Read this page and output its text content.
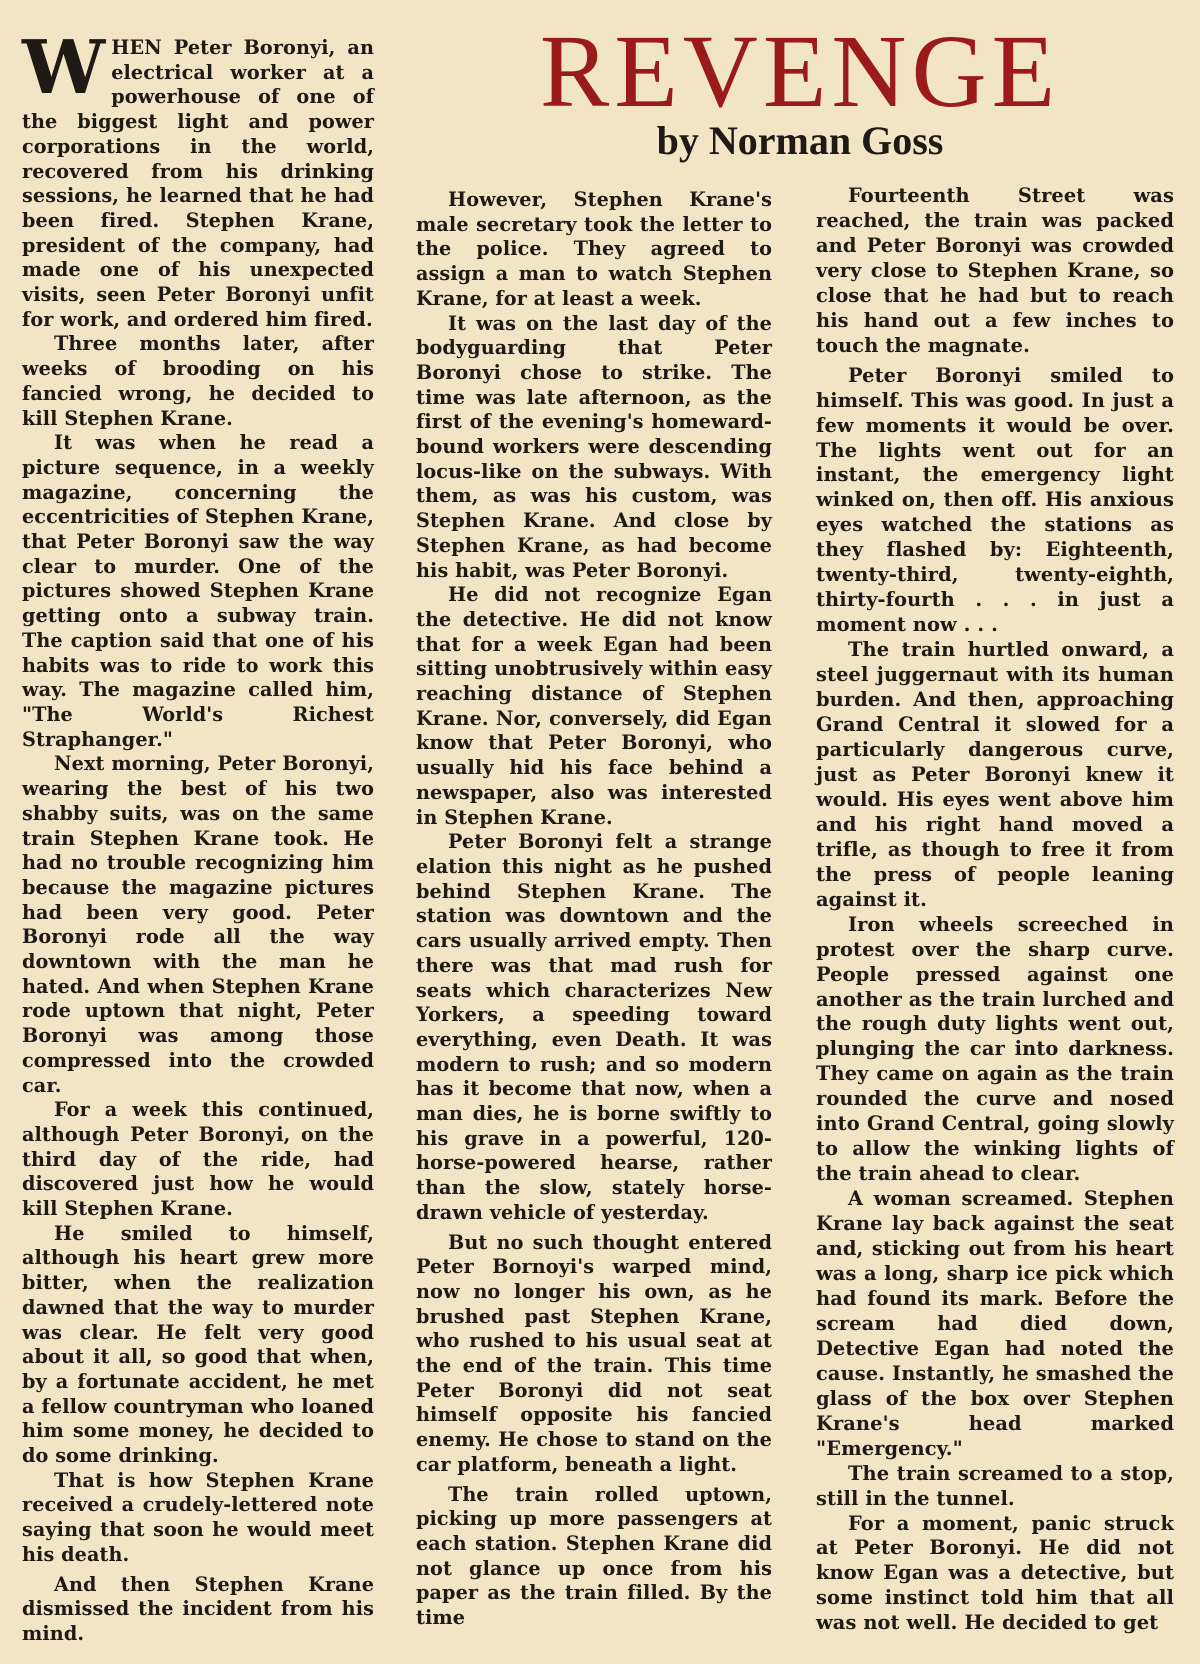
REVENGE
by Norman Goss

WHEN Peter Boronyi, an electrical worker at a powerhouse of one of the biggest light and power corporations in the world, recovered from his drinking sessions, he learned that he had been fired. Stephen Krane, president of the company, had made one of his unexpected visits, seen Peter Boronyi unfit for work, and ordered him fired.

Three months later, after weeks of brooding on his fancied wrong, he decided to kill Stephen Krane.

It was when he read a picture sequence, in a weekly magazine, concerning the eccentricities of Stephen Krane, that Peter Boronyi saw the way clear to murder. One of the pictures showed Stephen Krane getting onto a subway train. The caption said that one of his habits was to ride to work this way. The magazine called him, "The World's Richest Straphanger."

Next morning, Peter Boronyi, wearing the best of his two shabby suits, was on the same train Stephen Krane took. He had no trouble recognizing him because the magazine pictures had been very good. Peter Boronyi rode all the way downtown with the man he hated. And when Stephen Krane rode uptown that night, Peter Boronyi was among those compressed into the crowded car.

For a week this continued, although Peter Boronyi, on the third day of the ride, had discovered just how he would kill Stephen Krane.

He smiled to himself, although his heart grew more bitter, when the realization dawned that the way to murder was clear. He felt very good about it all, so good that when, by a fortunate accident, he met a fellow countryman who loaned him some money, he decided to do some drinking.

That is how Stephen Krane received a crudely-lettered note saying that soon he would meet his death.

And then Stephen Krane dismissed the incident from his mind.

However, Stephen Krane's male secretary took the letter to the police. They agreed to assign a man to watch Stephen Krane, for at least a week.

It was on the last day of the bodyguarding that Peter Boronyi chose to strike. The time was late afternoon, as the first of the evening's homeward-bound workers were descending locus-like on the subways. With them, as was his custom, was Stephen Krane. And close by Stephen Krane, as had become his habit, was Peter Boronyi.

He did not recognize Egan the detective. He did not know that for a week Egan had been sitting unobtrusively within easy reaching distance of Stephen Krane. Nor, conversely, did Egan know that Peter Boronyi, who usually hid his face behind a newspaper, also was interested in Stephen Krane.

Peter Boronyi felt a strange elation this night as he pushed behind Stephen Krane. The station was downtown and the cars usually arrived empty. Then there was that mad rush for seats which characterizes New Yorkers, a speeding toward everything, even Death. It was modern to rush; and so modern has it become that now, when a man dies, he is borne swiftly to his grave in a powerful, 120-horse-powered hearse, rather than the slow, stately horse-drawn vehicle of yesterday.

But no such thought entered Peter Bornoyi's warped mind, now no longer his own, as he brushed past Stephen Krane, who rushed to his usual seat at the end of the train. This time Peter Boronyi did not seat himself opposite his fancied enemy. He chose to stand on the car platform, beneath a light.

The train rolled uptown, picking up more passengers at each station. Stephen Krane did not glance up once from his paper as the train filled. By the time

Fourteenth Street was reached, the train was packed and Peter Boronyi was crowded very close to Stephen Krane, so close that he had but to reach his hand out a few inches to touch the magnate.

Peter Boronyi smiled to himself. This was good. In just a few moments it would be over. The lights went out for an instant, the emergency light winked on, then off. His anxious eyes watched the stations as they flashed by: Eighteenth, twenty-third, twenty-eighth, thirty-fourth . . . in just a moment now . . .

The train hurtled onward, a steel juggernaut with its human burden. And then, approaching Grand Central it slowed for a particularly dangerous curve, just as Peter Boronyi knew it would. His eyes went above him and his right hand moved a trifle, as though to free it from the press of people leaning against it.

Iron wheels screeched in protest over the sharp curve. People pressed against one another as the train lurched and the rough duty lights went out, plunging the car into darkness. They came on again as the train rounded the curve and nosed into Grand Central, going slowly to allow the winking lights of the train ahead to clear.

A woman screamed. Stephen Krane lay back against the seat and, sticking out from his heart was a long, sharp ice pick which had found its mark. Before the scream had died down, Detective Egan had noted the cause. Instantly, he smashed the glass of the box over Stephen Krane's head marked "Emergency."

The train screamed to a stop, still in the tunnel.

For a moment, panic struck at Peter Boronyi. He did not know Egan was a detective, but some instinct told him that all was not well. He decided to get
